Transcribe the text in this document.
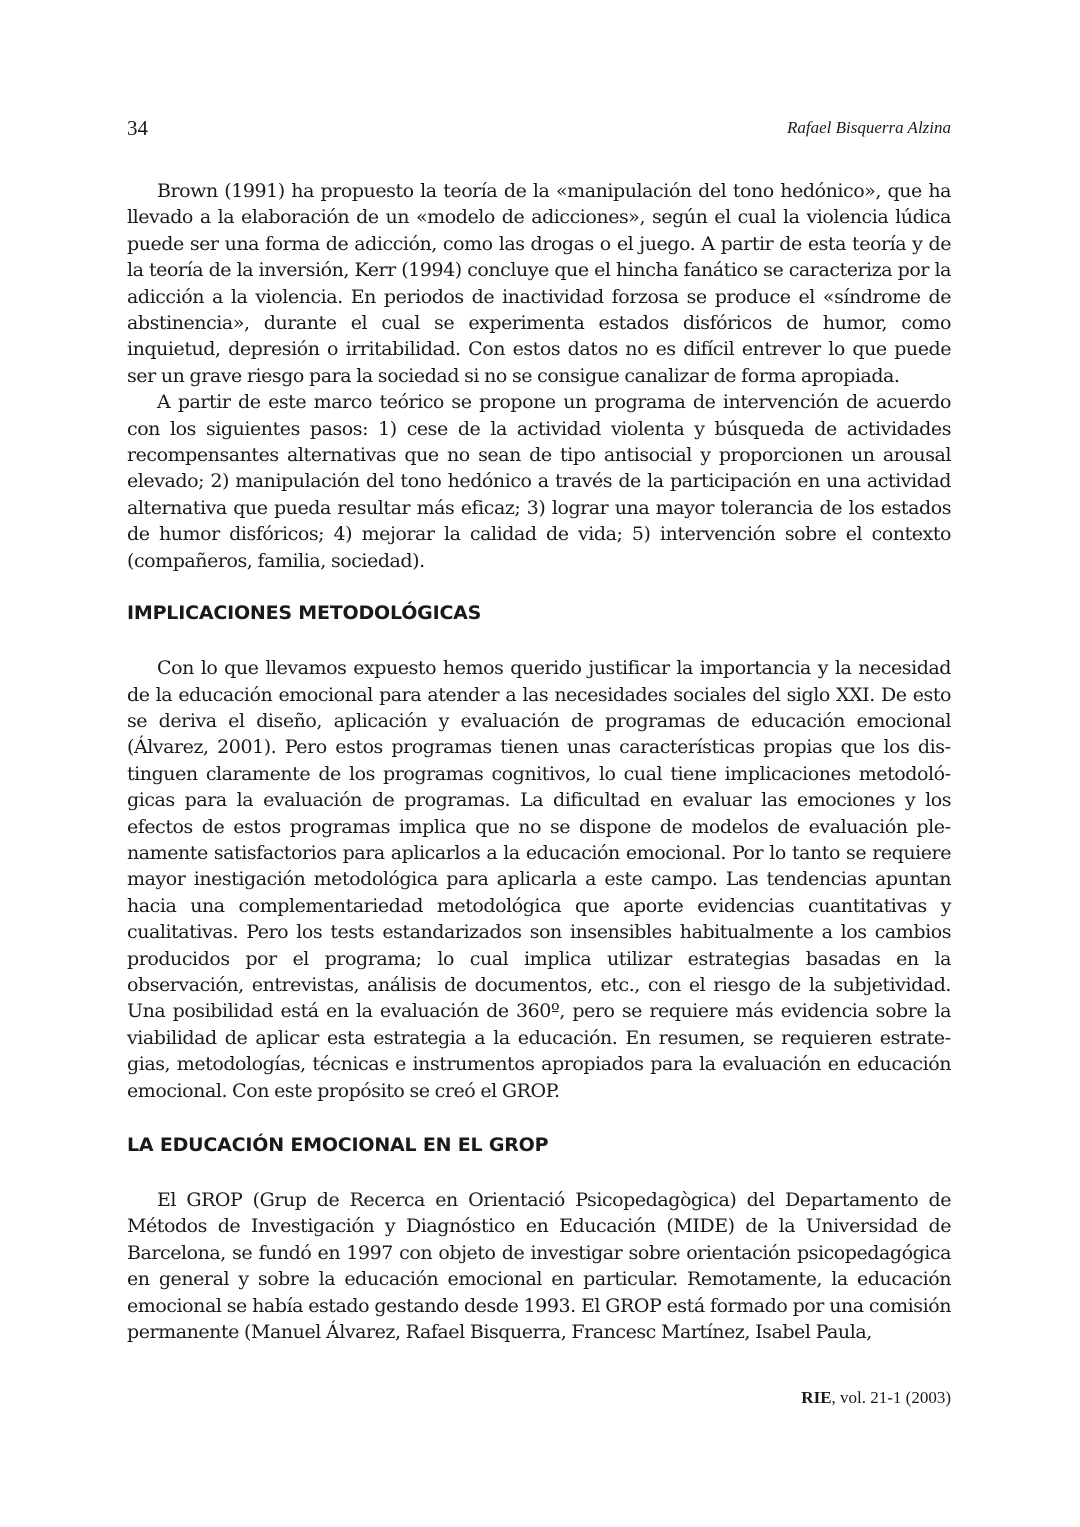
34	Rafael Bisquerra Alzina

Brown (1991) ha propuesto la teoría de la «manipulación del tono hedónico», que ha llevado a la elaboración de un «modelo de adicciones», según el cual la violencia lúdica puede ser una forma de adicción, como las drogas o el juego. A partir de esta teoría y de la teoría de la inversión, Kerr (1994) concluye que el hincha fanático se caracteriza por la adicción a la violencia. En periodos de inactividad forzosa se produce el «síndrome de abstinencia», durante el cual se experimenta estados disfóricos de humor, como inquietud, depresión o irritabilidad. Con estos datos no es difícil entrever lo que puede ser un grave riesgo para la sociedad si no se consigue canalizar de forma apropiada.

A partir de este marco teórico se propone un programa de intervención de acuerdo con los siguientes pasos: 1) cese de la actividad violenta y búsqueda de actividades recompensantes alternativas que no sean de tipo antisocial y proporcionen un arousal elevado; 2) manipulación del tono hedónico a través de la participación en una actividad alternativa que pueda resultar más eficaz; 3) lograr una mayor tolerancia de los estados de humor disfóricos; 4) mejorar la calidad de vida; 5) intervención sobre el contexto (compañeros, familia, sociedad).

IMPLICACIONES METODOLÓGICAS

Con lo que llevamos expuesto hemos querido justificar la importancia y la necesidad de la educación emocional para atender a las necesidades sociales del siglo XXI. De esto se deriva el diseño, aplicación y evaluación de programas de educación emocional (Álvarez, 2001). Pero estos programas tienen unas características propias que los distinguen claramente de los programas cognitivos, lo cual tiene implicaciones metodológicas para la evaluación de programas. La dificultad en evaluar las emociones y los efectos de estos programas implica que no se dispone de modelos de evaluación plenamente satisfactorios para aplicarlos a la educación emocional. Por lo tanto se requiere mayor inestigación metodológica para aplicarla a este campo. Las tendencias apuntan hacia una complementariedad metodológica que aporte evidencias cuantitativas y cualitativas. Pero los tests estandarizados son insensibles habitualmente a los cambios producidos por el programa; lo cual implica utilizar estrategias basadas en la observación, entrevistas, análisis de documentos, etc., con el riesgo de la subjetividad. Una posibilidad está en la evaluación de 360º, pero se requiere más evidencia sobre la viabilidad de aplicar esta estrategia a la educación. En resumen, se requieren estrategias, metodologías, técnicas e instrumentos apropiados para la evaluación en educación emocional. Con este propósito se creó el GROP.

LA EDUCACIÓN EMOCIONAL EN EL GROP

El GROP (Grup de Recerca en Orientació Psicopedagògica) del Departamento de Métodos de Investigación y Diagnóstico en Educación (MIDE) de la Universidad de Barcelona, se fundó en 1997 con objeto de investigar sobre orientación psicopedagógica en general y sobre la educación emocional en particular. Remotamente, la educación emocional se había estado gestando desde 1993. El GROP está formado por una comisión permanente (Manuel Álvarez, Rafael Bisquerra, Francesc Martínez, Isabel Paula,

RIE, vol. 21-1 (2003)
